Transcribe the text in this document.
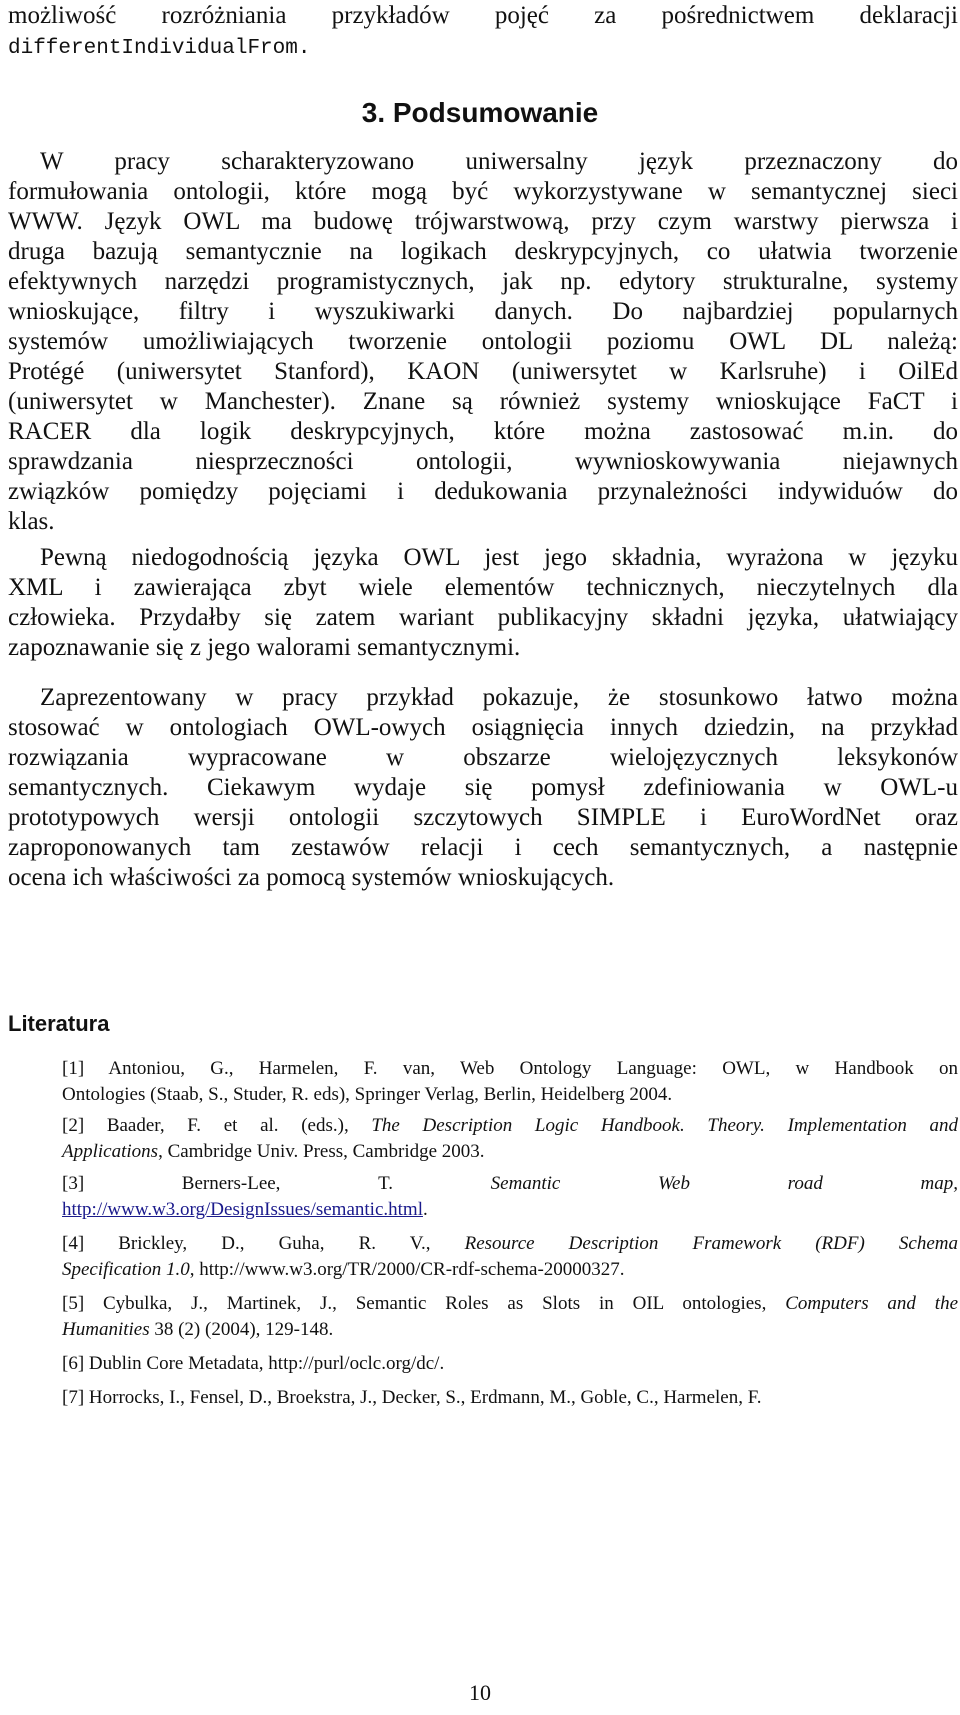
możliwość rozróżniania przykładów pojęć za pośrednictwem deklaracji
differentIndividualFrom.
3. Podsumowanie
W pracy scharakteryzowano uniwersalny język przeznaczony do
formułowania ontologii, które mogą być wykorzystywane w semantycznej sieci
WWW. Język OWL ma budowę trójwarstwową, przy czym warstwy pierwsza i
druga bazują semantycznie na logikach deskrypcyjnych, co ułatwia tworzenie
efektywnych narzędzi programistycznych, jak np. edytory strukturalne, systemy
wnioskujące, filtry i wyszukiwarki danych. Do najbardziej popularnych
systemów umożliwiających tworzenie ontologii poziomu OWL DL należą:
Protégé (uniwersytet Stanford), KAON (uniwersytet w Karlsruhe) i OilEd
(uniwersytet w Manchester). Znane są również systemy wnioskujące FaCT i
RACER dla logik deskrypcyjnych, które można zastosować m.in. do
sprawdzania niesprzeczności ontologii, wywnioskowywania niejawnych
związków pomiędzy pojęciami i dedukowania przynależności indywiduów do
klas.
Pewną niedogodnością języka OWL jest jego składnia, wyrażona w języku
XML i zawierająca zbyt wiele elementów technicznych, nieczytelnych dla
człowieka. Przydałby się zatem wariant publikacyjny składni języka, ułatwiający
zapoznawanie się z jego walorami semantycznymi.
Zaprezentowany w pracy przykład pokazuje, że stosunkowo łatwo można
stosować w ontologiach OWL-owych osiągnięcia innych dziedzin, na przykład
rozwiązania wypracowane w obszarze wielojęzycznych leksykonów
semantycznych. Ciekawym wydaje się pomysł zdefiniowania w OWL-u
prototypowych wersji ontologii szczytowych SIMPLE i EuroWordNet oraz
zaproponowanych tam zestawów relacji i cech semantycznych, a następnie
ocena ich właściwości za pomocą systemów wnioskujących.
Literatura
[1] Antoniou, G., Harmelen, F. van, Web Ontology Language: OWL, w Handbook on
Ontologies (Staab, S., Studer, R. eds), Springer Verlag, Berlin, Heidelberg 2004.
[2] Baader, F. et al. (eds.), The Description Logic Handbook. Theory. Implementation and
Applications, Cambridge Univ. Press, Cambridge 2003.
[3]	Berners-Lee,	T.	Semantic	Web	road	map,
http://www.w3.org/DesignIssues/semantic.html.
[4] Brickley, D., Guha, R. V., Resource Description Framework (RDF) Schema
Specification 1.0, http://www.w3.org/TR/2000/CR-rdf-schema-20000327.
[5] Cybulka, J., Martinek, J., Semantic Roles as Slots in OIL ontologies, Computers and the
Humanities 38 (2) (2004), 129-148.
[6] Dublin Core Metadata, http://purl/oclc.org/dc/.
[7] Horrocks, I., Fensel, D., Broekstra, J., Decker, S., Erdmann, M., Goble, C., Harmelen, F.
10
